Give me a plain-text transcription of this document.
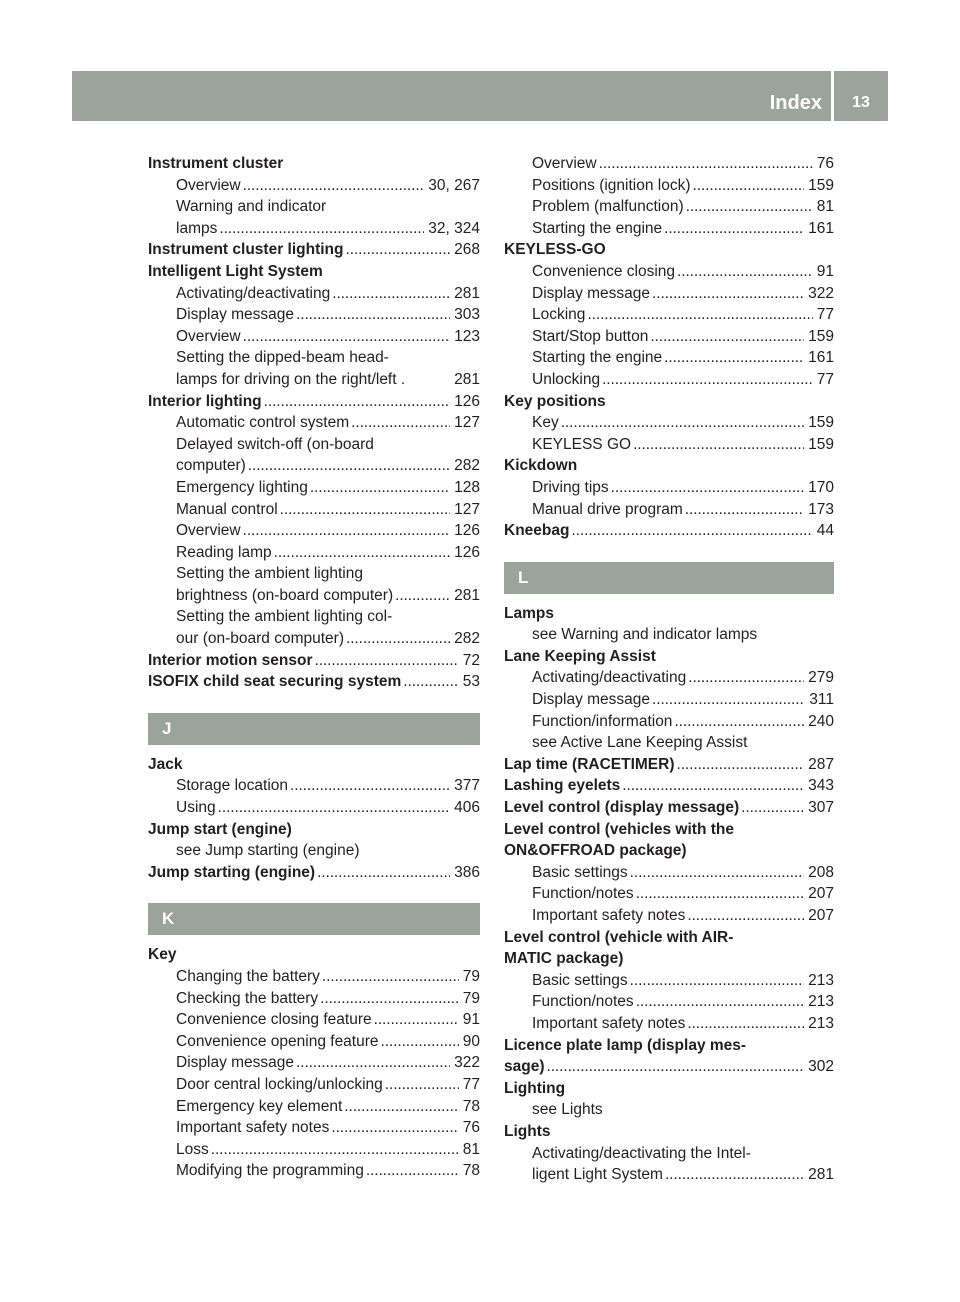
Index	13
Instrument cluster
Overview . . .	30, 267
Warning and indicator
lamps . . .	32, 324
Instrument cluster lighting . . .	268
Intelligent Light System
Activating/deactivating . . .	281
Display message . . .	303
Overview . . .	123
Setting the dipped-beam head-
lamps for driving on the right/left .	281
Interior lighting . . .	126
Automatic control system . . .	127
Delayed switch-off (on-board
computer) . . .	282
Emergency lighting . . .	128
Manual control . . .	127
Overview . . .	126
Reading lamp . . .	126
Setting the ambient lighting
brightness (on-board computer) . . .	281
Setting the ambient lighting col-
our (on-board computer) . . .	282
Interior motion sensor . . .	72
ISOFIX child seat securing system . . .	53
J
Jack
Storage location . . .	377
Using . . .	406
Jump start (engine)
see Jump starting (engine)
Jump starting (engine) . . .	386
K
Key
Changing the battery . . .	79
Checking the battery . . .	79
Convenience closing feature . . .	91
Convenience opening feature . . .	90
Display message . . .	322
Door central locking/unlocking . . .	77
Emergency key element . . .	78
Important safety notes . . .	76
Loss . . .	81
Modifying the programming . . .	78
Overview . . .	76
Positions (ignition lock) . . .	159
Problem (malfunction) . . .	81
Starting the engine . . .	161
KEYLESS-GO
Convenience closing . . .	91
Display message . . .	322
Locking . . .	77
Start/Stop button . . .	159
Starting the engine . . .	161
Unlocking . . .	77
Key positions
Key . . .	159
KEYLESS GO . . .	159
Kickdown
Driving tips . . .	170
Manual drive program . . .	173
Kneebag . . .	44
L
Lamps
see Warning and indicator lamps
Lane Keeping Assist
Activating/deactivating . . .	279
Display message . . .	311
Function/information . . .	240
see Active Lane Keeping Assist
Lap time (RACETIMER) . . .	287
Lashing eyelets . . .	343
Level control (display message) . . .	307
Level control (vehicles with the
ON&OFFROAD package)
Basic settings . . .	208
Function/notes . . .	207
Important safety notes . . .	207
Level control (vehicle with AIR-
MATIC package)
Basic settings . . .	213
Function/notes . . .	213
Important safety notes . . .	213
Licence plate lamp (display mes-
sage) . . .	302
Lighting
see Lights
Lights
Activating/deactivating the Intel-
ligent Light System . . .	281
